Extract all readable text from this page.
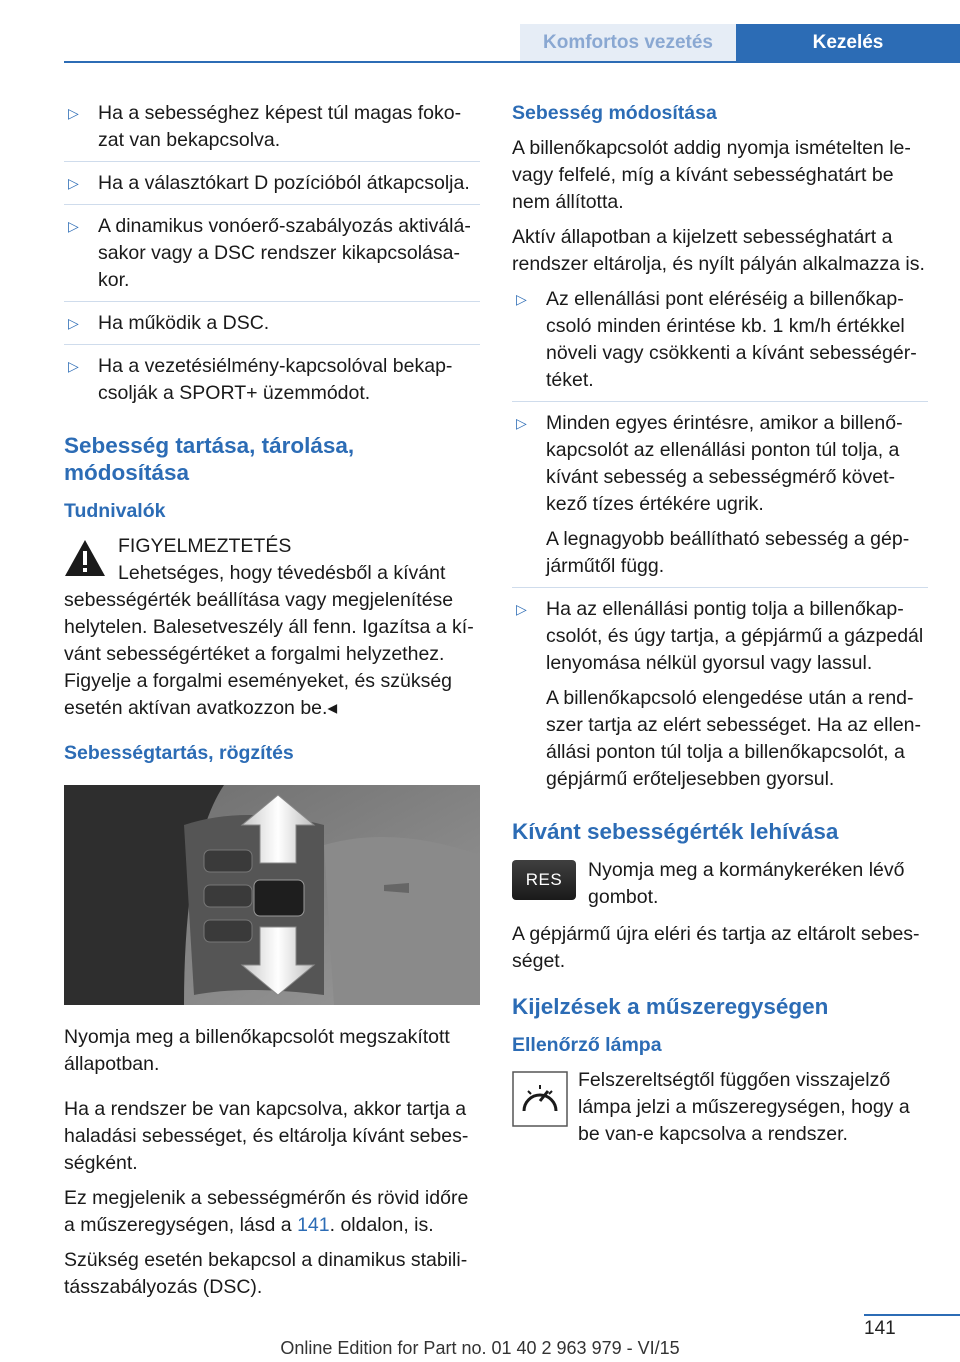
Komfortos vezetés	Kezelés
▷ Ha a sebességhez képest túl magas foko-zat van bekapcsolva.
▷ Ha a választókart D pozícióból átkapcsolja.
▷ A dinamikus vonóerő-szabályozás aktiválá-sakor vagy a DSC rendszer kikapcsolása-kor.
▷ Ha működik a DSC.
▷ Ha a vezetésiélmény-kapcsolóval bekap-csolják a SPORT+ üzemmódot.
Sebesség tartása, tárolása, módosítása
Tudnivalók
FIGYELMEZTETÉS
Lehetséges, hogy tévedésből a kívánt
sebességérték beállítása vagy megjelenítése helytelen. Balesetveszély áll fenn. Igazítsa a kí-vánt sebességértéket a forgalmi helyzethez. Figyelje a forgalmi eseményeket, és szükség esetén aktívan avatkozzon be.◂
Sebességtartás, rögzítés

Nyomja meg a billenőkapcsolót megszakított állapotban.

Ha a rendszer be van kapcsolva, akkor tartja a haladási sebességet, és eltárolja kívánt sebes-ségként.

Ez megjelenik a sebességmérőn és rövid időre a műszeregységen, lásd a 141. oldalon, is.

Szükség esetén bekapcsol a dinamikus stabili-tásszabályozás (DSC).

Sebesség módosítása

A billenőkapcsolót addig nyomja ismételten le-vagy felfelé, míg a kívánt sebességhatárt be nem állította.

Aktív állapotban a kijelzett sebességhatárt a rendszer eltárolja, és nyílt pályán alkalmazza is.

▷ Az ellenállási pont eléréséig a billenőkap-csoló minden érintése kb. 1 km/h értékkel növeli vagy csökkenti a kívánt sebességér-téket.
▷ Minden egyes érintésre, amikor a billenő-kapcsolót az ellenállási ponton túl tolja, a kívánt sebesség a sebességmérő követ-kező tízes értékére ugrik.
A legnagyobb beállítható sebesség a gép-járműtől függ.
▷ Ha az ellenállási pontig tolja a billenőkap-csolót, és úgy tartja, a gépjármű a gázpedál lenyomása nélkül gyorsul vagy lassul.
A billenőkapcsoló elengedése után a rend-szer tartja az elért sebességet. Ha az ellen-állási ponton túl tolja a billenőkapcsolót, a gépjármű erőteljesebben gyorsul.
Kívánt sebességérték lehívása
RES	Nyomja meg a kormánykeréken lévő gombot.

A gépjármű újra eléri és tartja az eltárolt sebes-séget.

Kijelzések a műszeregységen
Ellenőrző lámpa
Felszereltségtől függően visszajelző lámpa jelzi a műszeregységen, hogy a be van-e kapcsolva a rendszer.
141
Online Edition for Part no. 01 40 2 963 979 - VI/15
